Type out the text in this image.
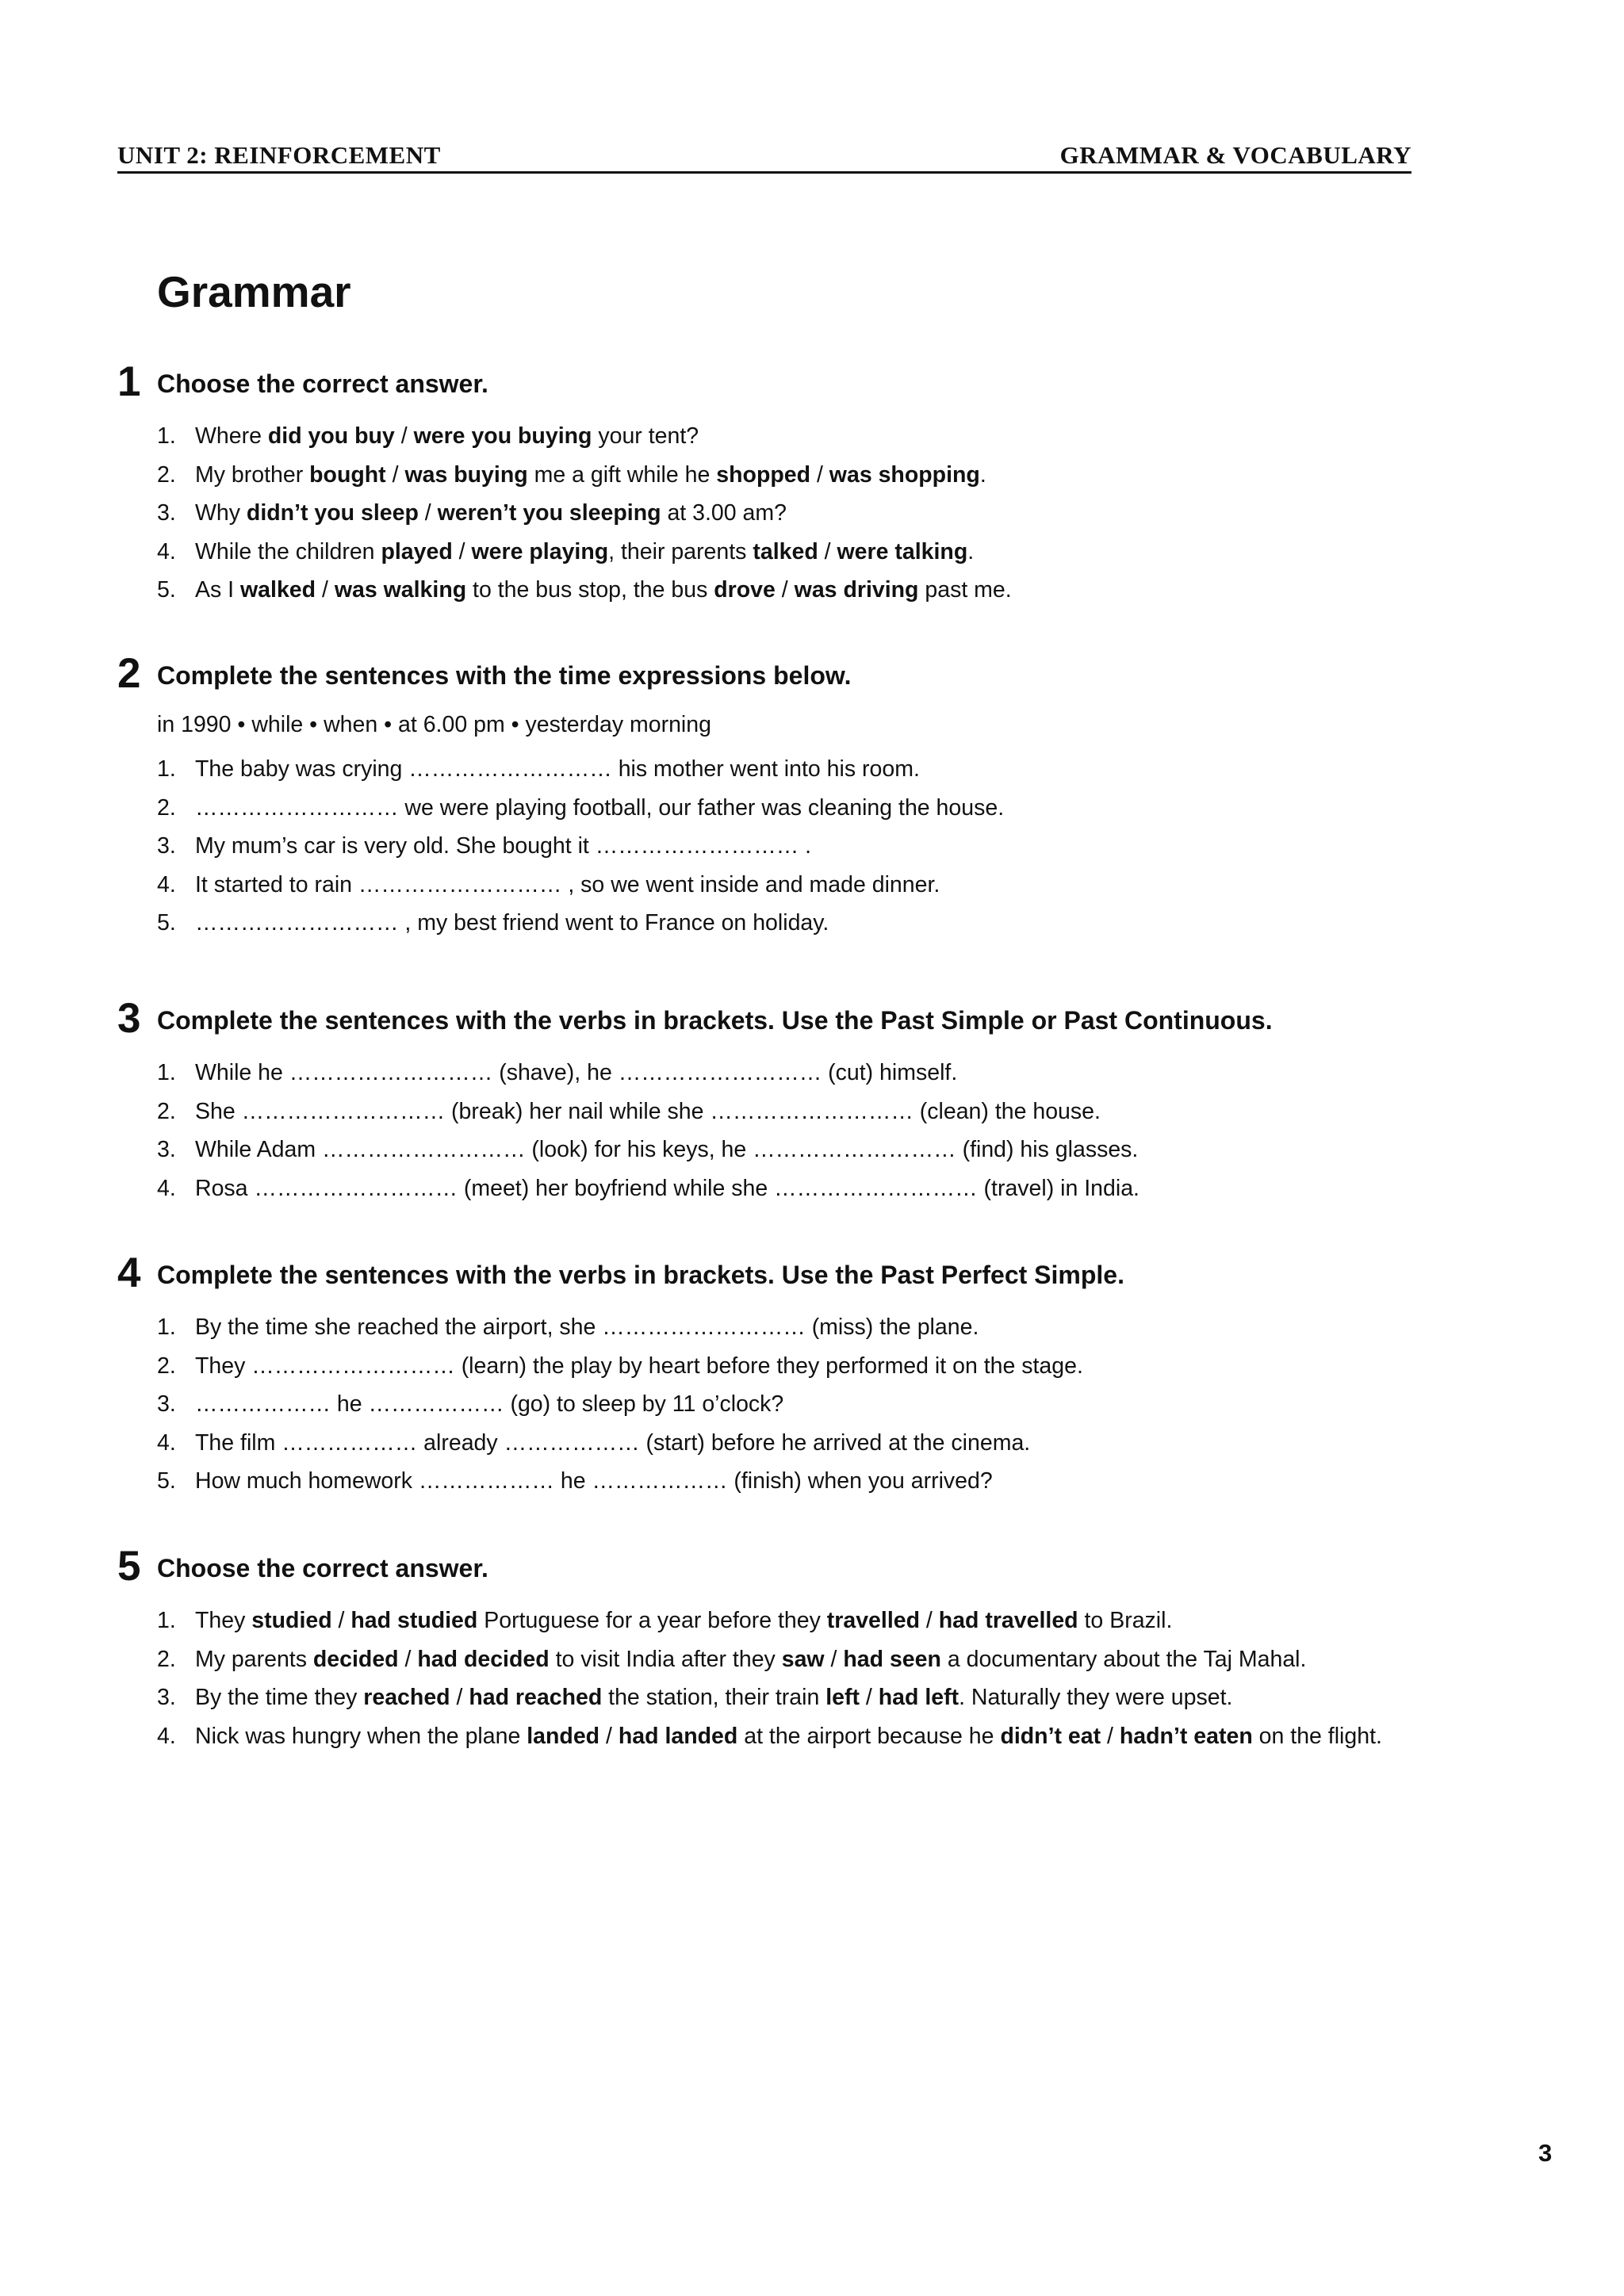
UNIT 2: REINFORCEMENT	GRAMMAR & VOCABULARY
Grammar
1 Choose the correct answer.
1. Where did you buy / were you buying your tent?
2. My brother bought / was buying me a gift while he shopped / was shopping.
3. Why didn’t you sleep / weren’t you sleeping at 3.00 am?
4. While the children played / were playing, their parents talked / were talking.
5. As I walked / was walking to the bus stop, the bus drove / was driving past me.
2 Complete the sentences with the time expressions below.
in 1990 • while • when • at 6.00 pm • yesterday morning
1. The baby was crying ……………………… his mother went into his room.
2. ……………………… we were playing football, our father was cleaning the house.
3. My mum’s car is very old. She bought it ……………………… .
4. It started to rain ……………………… , so we went inside and made dinner.
5. ……………………… , my best friend went to France on holiday.
3 Complete the sentences with the verbs in brackets. Use the Past Simple or Past Continuous.
1. While he ……………………… (shave), he ……………………… (cut) himself.
2. She ……………………… (break) her nail while she ……………………… (clean) the house.
3. While Adam ……………………… (look) for his keys, he ……………………… (find) his glasses.
4. Rosa ……………………… (meet) her boyfriend while she ……………………… (travel) in India.
4 Complete the sentences with the verbs in brackets. Use the Past Perfect Simple.
1. By the time she reached the airport, she ……………………… (miss) the plane.
2. They ……………………… (learn) the play by heart before they performed it on the stage.
3. ……………… he ……………… (go) to sleep by 11 o’clock?
4. The film ……………… already ……………… (start) before he arrived at the cinema.
5. How much homework ……………… he ……………… (finish) when you arrived?
5 Choose the correct answer.
1. They studied / had studied Portuguese for a year before they travelled / had travelled to Brazil.
2. My parents decided / had decided to visit India after they saw / had seen a documentary about the Taj Mahal.
3. By the time they reached / had reached the station, their train left / had left. Naturally they were upset.
4. Nick was hungry when the plane landed / had landed at the airport because he didn’t eat / hadn’t eaten on the flight.
3
